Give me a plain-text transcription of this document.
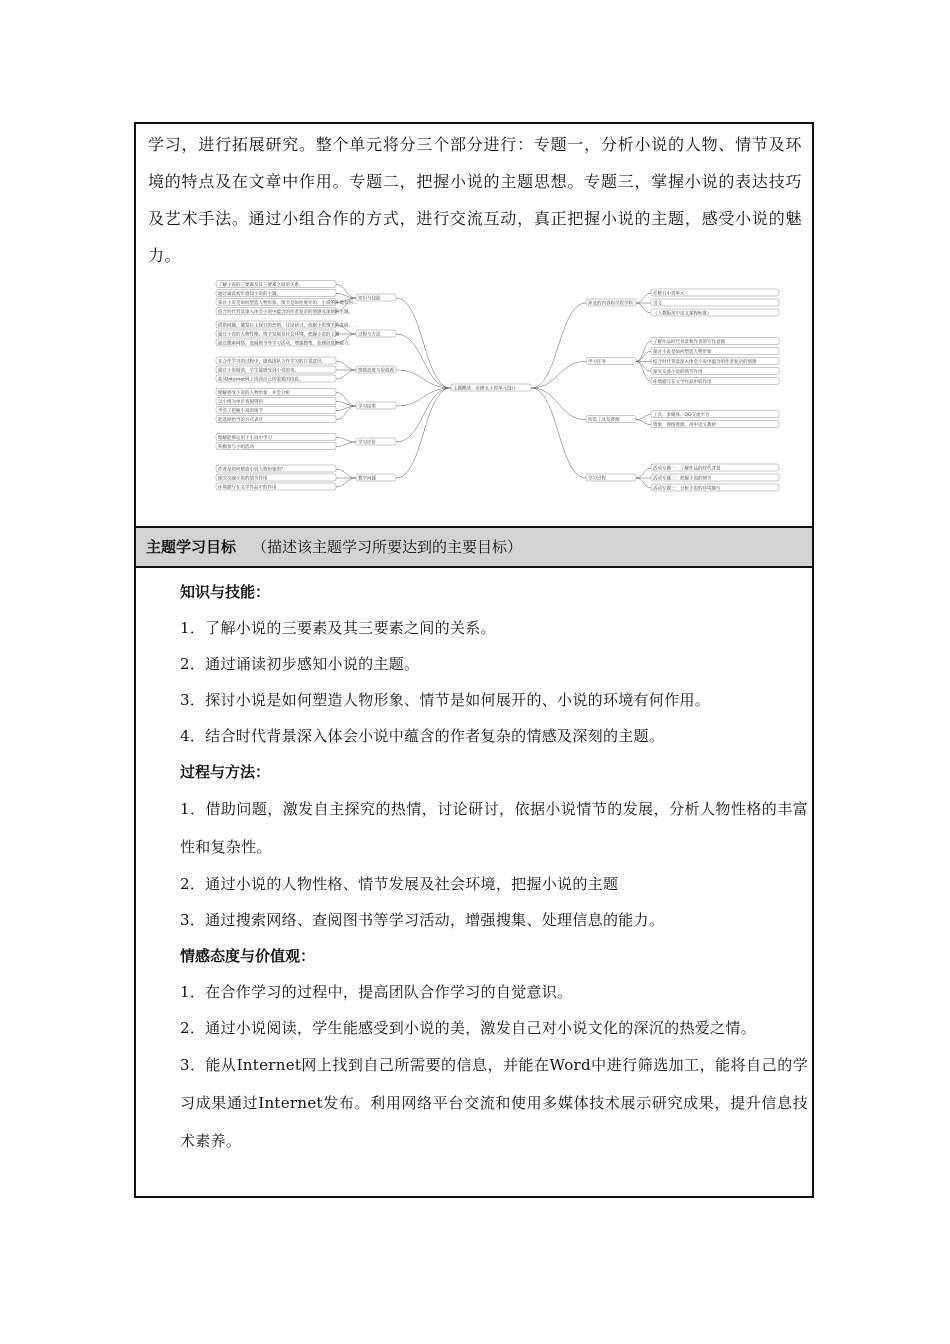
学习，进行拓展研究。整个单元将分三个部分进行：专题一，分析小说的人物、情节及环境的特点及在文章中作用。专题二，把握小说的主题思想。专题三，掌握小说的表达技巧及艺术手法。通过小组合作的方式，进行交流互动，真正把握小说的主题，感受小说的魅力。
主题概述：必修五小说单元设计
知识与技能
了解小说的三要素及其三要素之间的关系。
通过诵读初步感知小说的主题。
探讨小说是如何塑造人物形象、情节是如何展开的、小说的环境有何…
结合时代背景深入体会小说中蕴含的作者复杂的情感及深刻的主题。
过程与方法
借助问题，激发自主探究的热情，讨论研讨，依据小说情节的发展，…
通过小说的人物性格、情节发展及社会环境，把握小说的主题
通过搜索网络、查阅图书等学习活动，增强搜集、处理信息的能力。
情感态度与价值观
在合作学习的过程中，提高团队合作学习的自觉意识。
通过小说阅读，学生能感受到小说的美。
能从Internet网上找到自己所需要的信息。
学习结果
理解感受小说的人物形象，并会分析
以小组为单位查阅资料
学会了把握小说的情节
能选择恰当的方式表达
学习评价
理解能够运用于小说中学习
积极参与小组活动
教学问题
作者是如何塑造小说人物形象的？
探究交流小说的情节作用
环境描写在文学作品中的作用
涉及的内容和学段学科
必修五小说单元
语文
《人教版高中语文课程标准》
学习任务
了解作品时代背景和作者的写作意图
探讨小说是如何塑造人物形象
结合时代背景深入体会小说中蕴含的作者复杂的情感
探究交流小说的情节作用
环境描写在文学作品中的作用
所需工具及资源
工具：多媒体、QQ交流平台
资源：网络资源、高中语文教材
学习过程
活动专题一：了解作品的时代背景
活动专题二：把握小说的情节
活动专题三：分析小说的环境描写
主题学习目标 （描述该主题学习所要达到的主要目标）
知识与技能：
1．了解小说的三要素及其三要素之间的关系。
2．通过诵读初步感知小说的主题。
3．探讨小说是如何塑造人物形象、情节是如何展开的、小说的环境有何作用。
4．结合时代背景深入体会小说中蕴含的作者复杂的情感及深刻的主题。
过程与方法：
1．借助问题，激发自主探究的热情，讨论研讨，依据小说情节的发展，分析人物性格的丰富性和复杂性。
2．通过小说的人物性格、情节发展及社会环境，把握小说的主题
3．通过搜索网络、查阅图书等学习活动，增强搜集、处理信息的能力。
情感态度与价值观：
1．在合作学习的过程中，提高团队合作学习的自觉意识。
2．通过小说阅读，学生能感受到小说的美，激发自己对小说文化的深沉的热爱之情。
3．能从Internet网上找到自己所需要的信息，并能在Word中进行筛选加工，能将自己的学习成果通过Internet发布。利用网络平台交流和使用多媒体技术展示研究成果，提升信息技术素养。
